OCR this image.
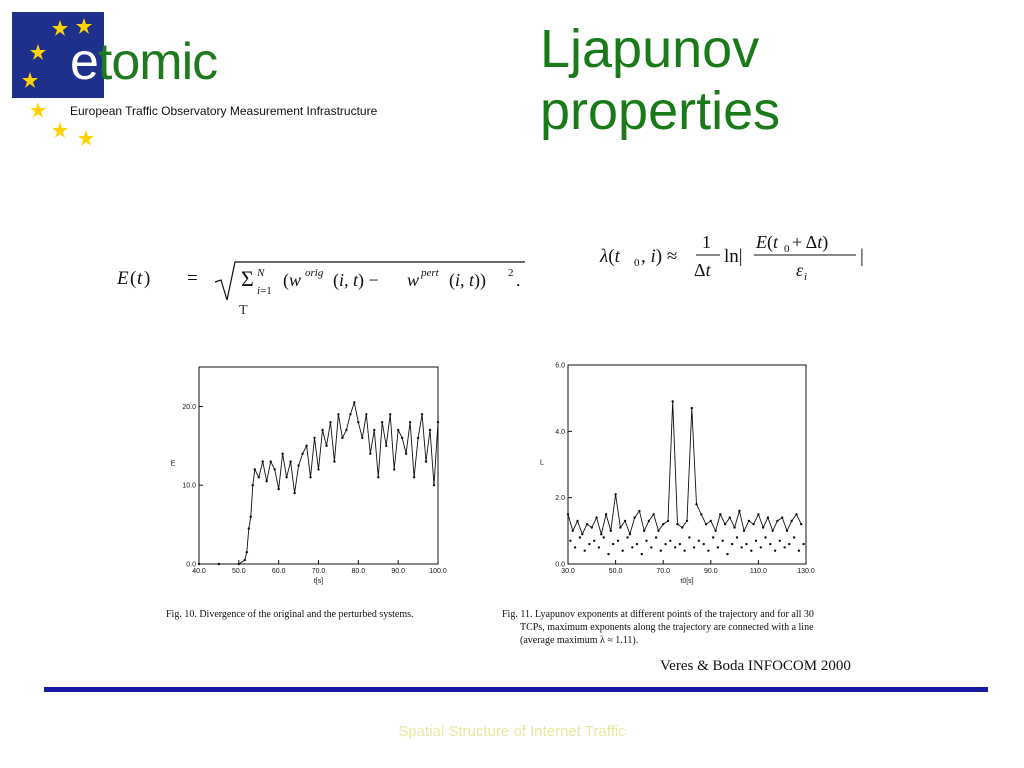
etomic
European Traffic Observatory Measurement Infrastructure
Ljapunov
properties
E ( t ) = Σ N
i=1
(w orig (i, t) − w pert (i, t)) 2 .
T
λ(t 0 , i) ≈
1
Δt
ln|
E(t 0 + Δt)
ε i
|
40.0	50.0	60.0	70.0	80.0	90.0	100.0
0.0
10.0
20.0
t[s]
E
30.0	50.0	70.0	90.0	110.0	130.0
0.0
2.0
4.0
6.0
t0[s]
L
Fig. 10. Divergence of the original and the perturbed systems.	Fig. 11. Lyapunov exponents at different points of the trajectory and for all 30
TCPs, maximum exponents along the trajectory are connected with a line
(average maximum λ ≈ 1.11).
Veres & Boda INFOCOM 2000
Spatial Structure of Internet Traffic
